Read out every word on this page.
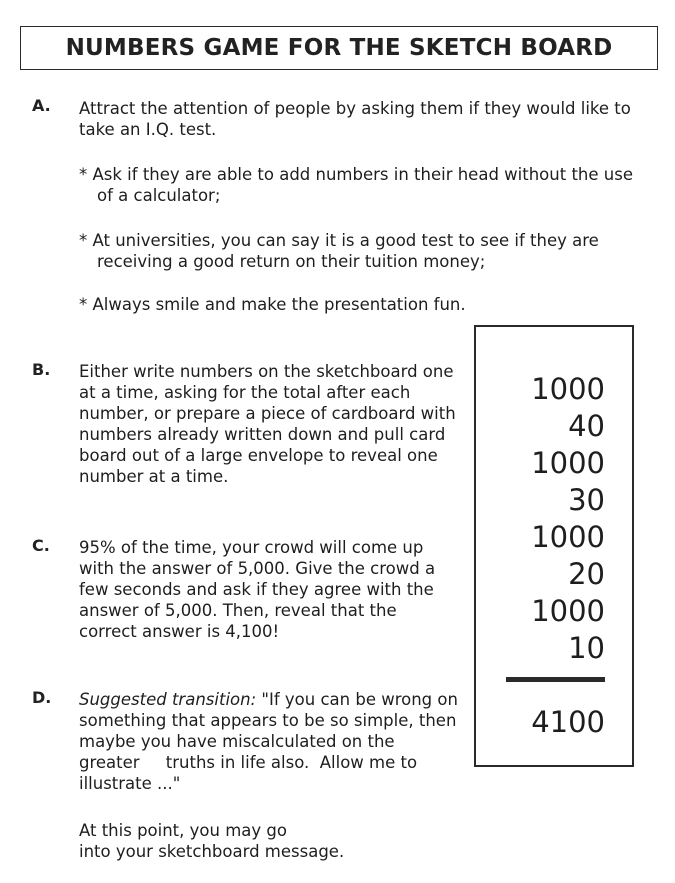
NUMBERS GAME FOR THE SKETCH BOARD
A. Attract the attention of people by asking them if they would like to
take an I.Q. test.
* Ask if they are able to add numbers in their head without the use
of a calculator;
* At universities, you can say it is a good test to see if they are
receiving a good return on their tuition money;
* Always smile and make the presentation fun.
B. Either write numbers on the sketchboard one
at a time, asking for the total after each
number, or prepare a piece of cardboard with
numbers already written down and pull card
board out of a large envelope to reveal one
number at a time.
C. 95% of the time, your crowd will come up
with the answer of 5,000. Give the crowd a
few seconds and ask if they agree with the
answer of 5,000. Then, reveal that the
correct answer is 4,100!
D. Suggested transition: "If you can be wrong on
something that appears to be so simple, then
maybe you have miscalculated on the
greater     truths in life also.  Allow me to
illustrate ..."
At this point, you may go
into your sketchboard message.
1000
40
1000
30
1000
20
1000
10
4100
